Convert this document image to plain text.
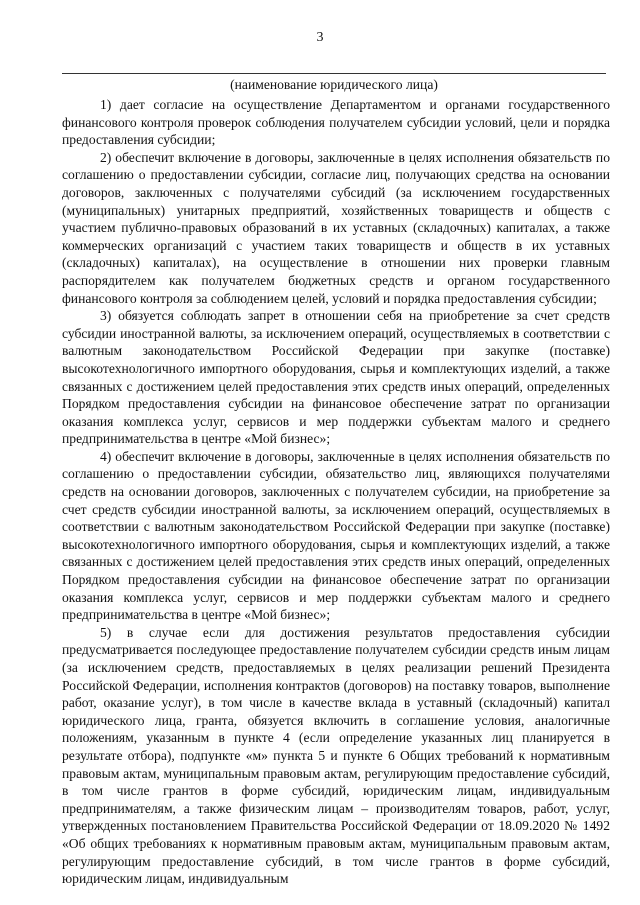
3
(наименование юридического лица)

1) дает согласие на осуществление Департаментом и органами государственного финансового контроля проверок соблюдения получателем субсидии условий, цели и порядка предоставления субсидии;

2) обеспечит включение в договоры, заключенные в целях исполнения обязательств по соглашению о предоставлении субсидии, согласие лиц, получающих средства на основании договоров, заключенных с получателями субсидий (за исключением государственных (муниципальных) унитарных предприятий, хозяйственных товариществ и обществ с участием публично-правовых образований в их уставных (складочных) капиталах, а также коммерческих организаций с участием таких товариществ и обществ в их уставных (складочных) капиталах), на осуществление в отношении них проверки главным распорядителем как получателем бюджетных средств и органом государственного финансового контроля за соблюдением целей, условий и порядка предоставления субсидии;

3) обязуется соблюдать запрет в отношении себя на приобретение за счет средств субсидии иностранной валюты, за исключением операций, осуществляемых в соответствии с валютным законодательством Российской Федерации при закупке (поставке) высокотехнологичного импортного оборудования, сырья и комплектующих изделий, а также связанных с достижением целей предоставления этих средств иных операций, определенных Порядком предоставления субсидии на финансовое обеспечение затрат по организации оказания комплекса услуг, сервисов и мер поддержки субъектам малого и среднего предпринимательства в центре «Мой бизнес»;

4) обеспечит включение в договоры, заключенные в целях исполнения обязательств по соглашению о предоставлении субсидии, обязательство лиц, являющихся получателями средств на основании договоров, заключенных с получателем субсидии, на приобретение за счет средств субсидии иностранной валюты, за исключением операций, осуществляемых в соответствии с валютным законодательством Российской Федерации при закупке (поставке) высокотехнологичного импортного оборудования, сырья и комплектующих изделий, а также связанных с достижением целей предоставления этих средств иных операций, определенных Порядком предоставления субсидии на финансовое обеспечение затрат по организации оказания комплекса услуг, сервисов и мер поддержки субъектам малого и среднего предпринимательства в центре «Мой бизнес»;

5) в случае если для достижения результатов предоставления субсидии предусматривается последующее предоставление получателем субсидии средств иным лицам (за исключением средств, предоставляемых в целях реализации решений Президента Российской Федерации, исполнения контрактов (договоров) на поставку товаров, выполнение работ, оказание услуг), в том числе в качестве вклада в уставный (складочный) капитал юридического лица, гранта, обязуется включить в соглашение условия, аналогичные положениям, указанным в пункте 4 (если определение указанных лиц планируется в результате отбора), подпункте «м» пункта 5 и пункте 6 Общих требований к нормативным правовым актам, муниципальным правовым актам, регулирующим предоставление субсидий, в том числе грантов в форме субсидий, юридическим лицам, индивидуальным предпринимателям, а также физическим лицам – производителям товаров, работ, услуг, утвержденных постановлением Правительства Российской Федерации от 18.09.2020 № 1492 «Об общих требованиях к нормативным правовым актам, муниципальным правовым актам, регулирующим предоставление субсидий, в том числе грантов в форме субсидий, юридическим лицам, индивидуальным
